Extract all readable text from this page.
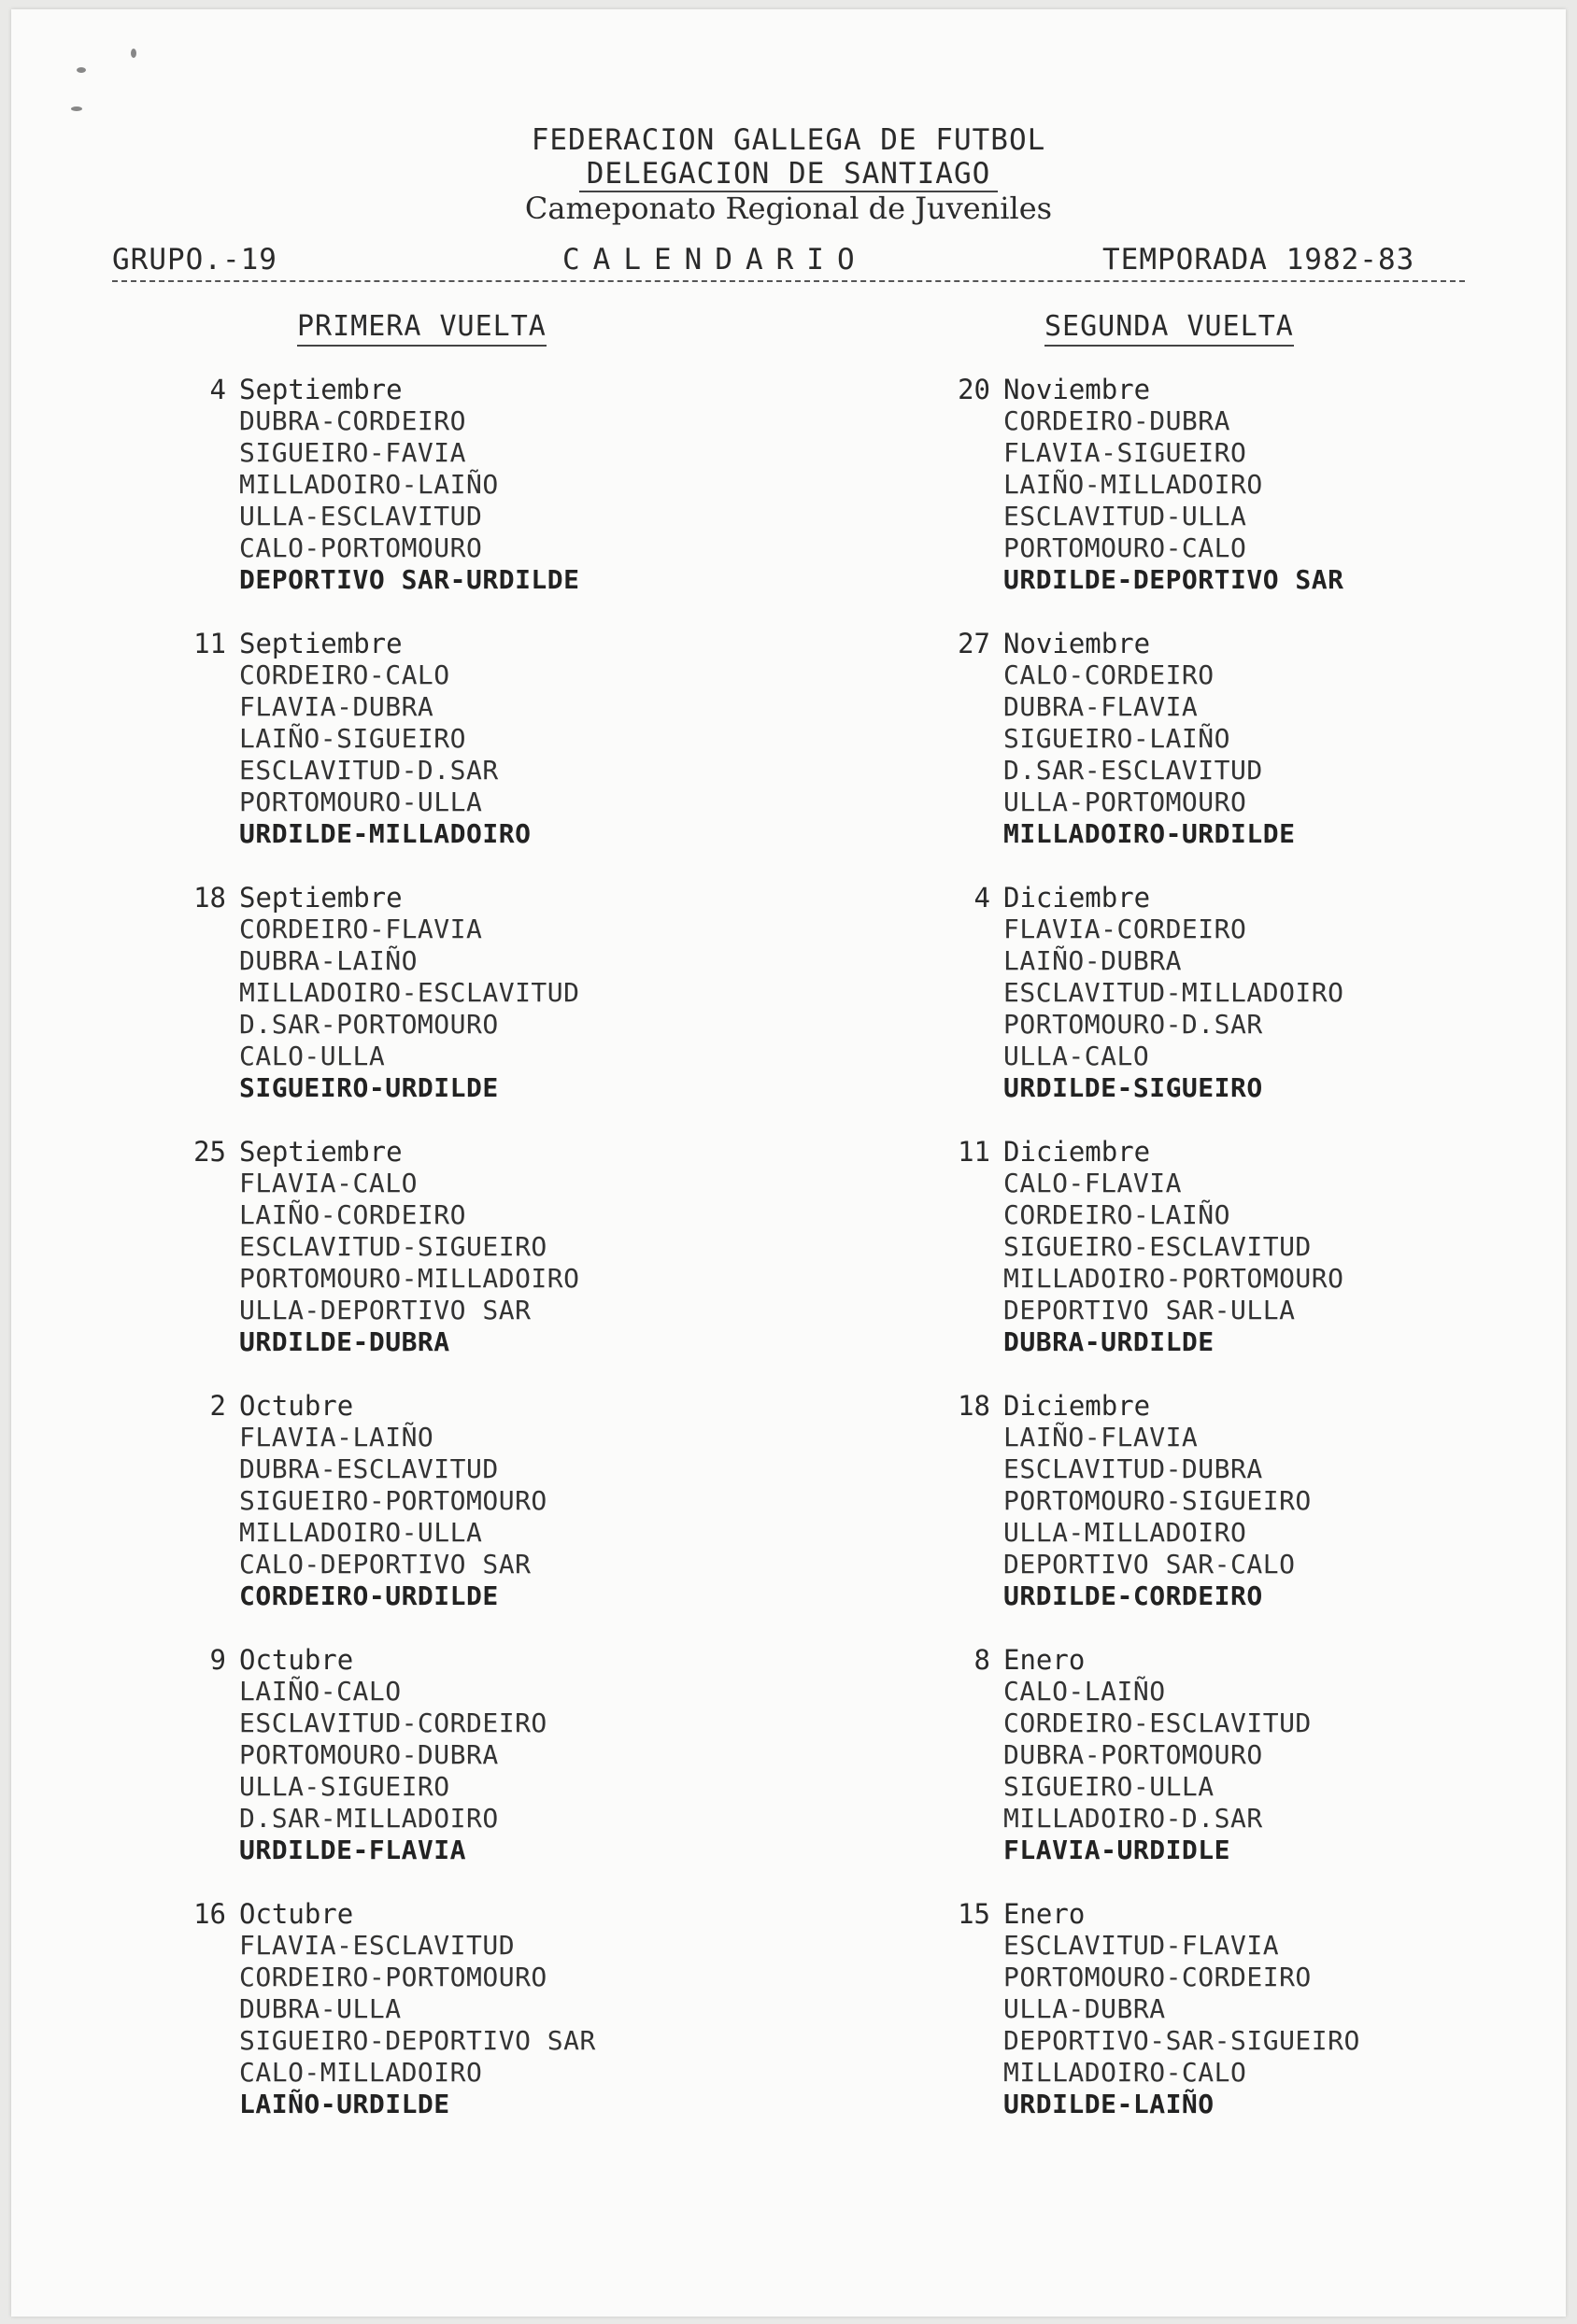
FEDERACION GALLEGA DE FUTBOL
DELEGACION DE SANTIAGO
Cameponato Regional de Juveniles
GRUPO.-19	CALENDARIO	TEMPORADA 1982-83
PRIMERA VUELTA	SEGUNDA VUELTA
4 Septiembre
DUBRA-CORDEIRO
SIGUEIRO-FAVIA
MILLADOIRO-LAIÑO
ULLA-ESCLAVITUD
CALO-PORTOMOURO
DEPORTIVO SAR-URDILDE
11 Septiembre
CORDEIRO-CALO
FLAVIA-DUBRA
LAIÑO-SIGUEIRO
ESCLAVITUD-D.SAR
PORTOMOURO-ULLA
URDILDE-MILLADOIRO
18 Septiembre
CORDEIRO-FLAVIA
DUBRA-LAIÑO
MILLADOIRO-ESCLAVITUD
D.SAR-PORTOMOURO
CALO-ULLA
SIGUEIRO-URDILDE
25 Septiembre
FLAVIA-CALO
LAIÑO-CORDEIRO
ESCLAVITUD-SIGUEIRO
PORTOMOURO-MILLADOIRO
ULLA-DEPORTIVO SAR
URDILDE-DUBRA
2 Octubre
FLAVIA-LAIÑO
DUBRA-ESCLAVITUD
SIGUEIRO-PORTOMOURO
MILLADOIRO-ULLA
CALO-DEPORTIVO SAR
CORDEIRO-URDILDE
9 Octubre
LAIÑO-CALO
ESCLAVITUD-CORDEIRO
PORTOMOURO-DUBRA
ULLA-SIGUEIRO
D.SAR-MILLADOIRO
URDILDE-FLAVIA
16 Octubre
FLAVIA-ESCLAVITUD
CORDEIRO-PORTOMOURO
DUBRA-ULLA
SIGUEIRO-DEPORTIVO SAR
CALO-MILLADOIRO
LAIÑO-URDILDE
20 Noviembre
CORDEIRO-DUBRA
FLAVIA-SIGUEIRO
LAIÑO-MILLADOIRO
ESCLAVITUD-ULLA
PORTOMOURO-CALO
URDILDE-DEPORTIVO SAR
27 Noviembre
CALO-CORDEIRO
DUBRA-FLAVIA
SIGUEIRO-LAIÑO
D.SAR-ESCLAVITUD
ULLA-PORTOMOURO
MILLADOIRO-URDILDE
4 Diciembre
FLAVIA-CORDEIRO
LAIÑO-DUBRA
ESCLAVITUD-MILLADOIRO
PORTOMOURO-D.SAR
ULLA-CALO
URDILDE-SIGUEIRO
11 Diciembre
CALO-FLAVIA
CORDEIRO-LAIÑO
SIGUEIRO-ESCLAVITUD
MILLADOIRO-PORTOMOURO
DEPORTIVO SAR-ULLA
DUBRA-URDILDE
18 Diciembre
LAIÑO-FLAVIA
ESCLAVITUD-DUBRA
PORTOMOURO-SIGUEIRO
ULLA-MILLADOIRO
DEPORTIVO SAR-CALO
URDILDE-CORDEIRO
8 Enero
CALO-LAIÑO
CORDEIRO-ESCLAVITUD
DUBRA-PORTOMOURO
SIGUEIRO-ULLA
MILLADOIRO-D.SAR
FLAVIA-URDIDLE
15 Enero
ESCLAVITUD-FLAVIA
PORTOMOURO-CORDEIRO
ULLA-DUBRA
DEPORTIVO-SAR-SIGUEIRO
MILLADOIRO-CALO
URDILDE-LAIÑO
